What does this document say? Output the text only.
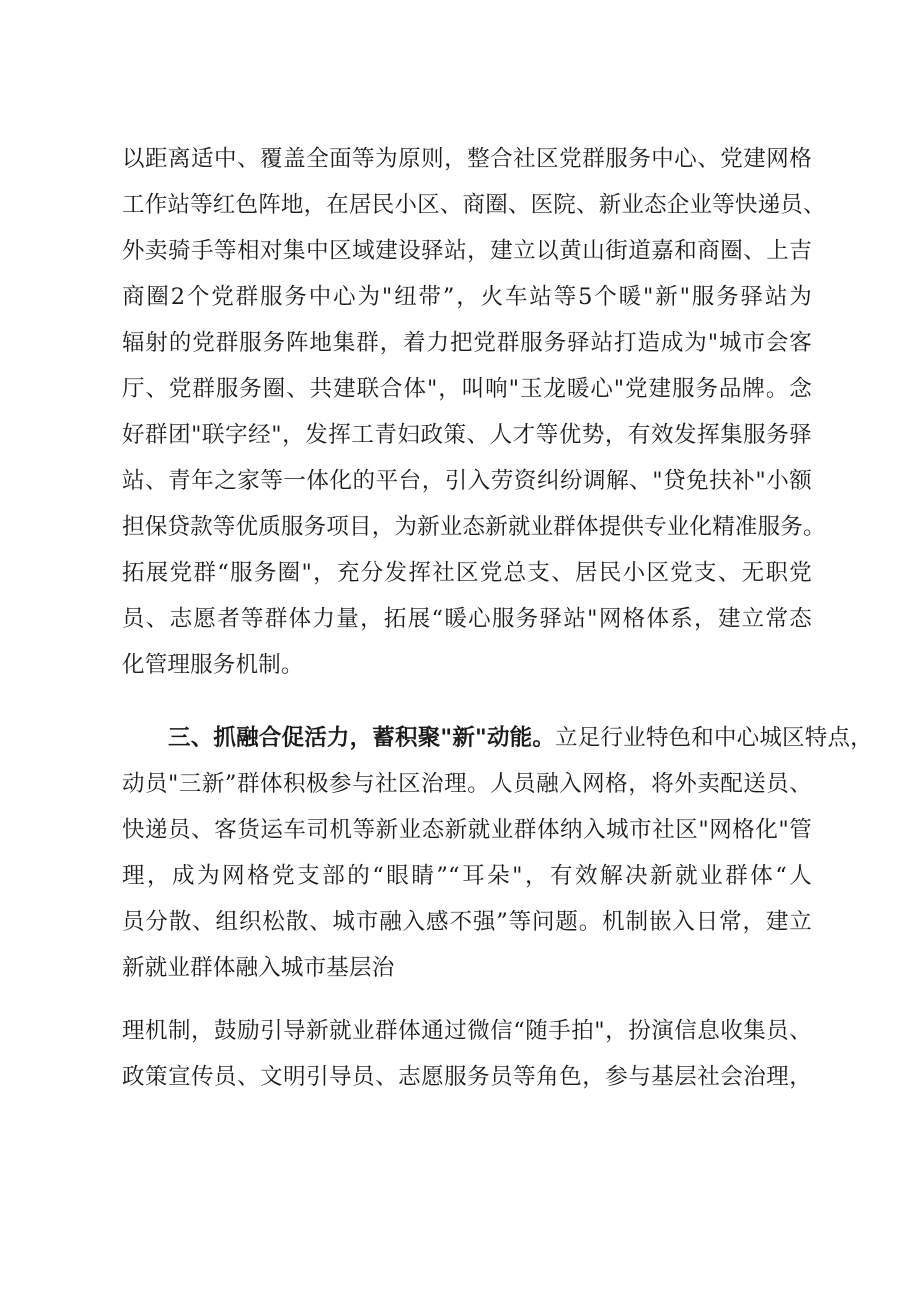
以距离适中、覆盖全面等为原则，整合社区党群服务中心、党建网格
工作站等红色阵地，在居民小区、商圈、医院、新业态企业等快递员、
外卖骑手等相对集中区域建设驿站，建立以黄山街道嘉和商圈、上吉
商圈2个党群服务中心为"纽带”，火车站等5个暖"新"服务驿站为
辐射的党群服务阵地集群，着力把党群服务驿站打造成为"城市会客
厅、党群服务圈、共建联合体"，叫响"玉龙暖心"党建服务品牌。念
好群团"联字经"，发挥工青妇政策、人才等优势，有效发挥集服务驿
站、青年之家等一体化的平台，引入劳资纠纷调解、"贷免扶补"小额
担保贷款等优质服务项目，为新业态新就业群体提供专业化精准服务。
拓展党群“服务圈"，充分发挥社区党总支、居民小区党支、无职党
员、志愿者等群体力量，拓展“暖心服务驿站"网格体系，建立常态
化管理服务机制。
三、抓融合促活力，蓄积聚"新"动能。立足行业特色和中心城区特点，
动员"三新”群体积极参与社区治理。人员融入网格，将外卖配送员、
快递员、客货运车司机等新业态新就业群体纳入城市社区"网格化"管
理，成为网格党支部的“眼睛”“耳朵"，有效解决新就业群体“人
员分散、组织松散、城市融入感不强”等问题。机制嵌入日常，建立
新就业群体融入城市基层治
理机制，鼓励引导新就业群体通过微信“随手拍"，扮演信息收集员、
政策宣传员、文明引导员、志愿服务员等角色，参与基层社会治理，
